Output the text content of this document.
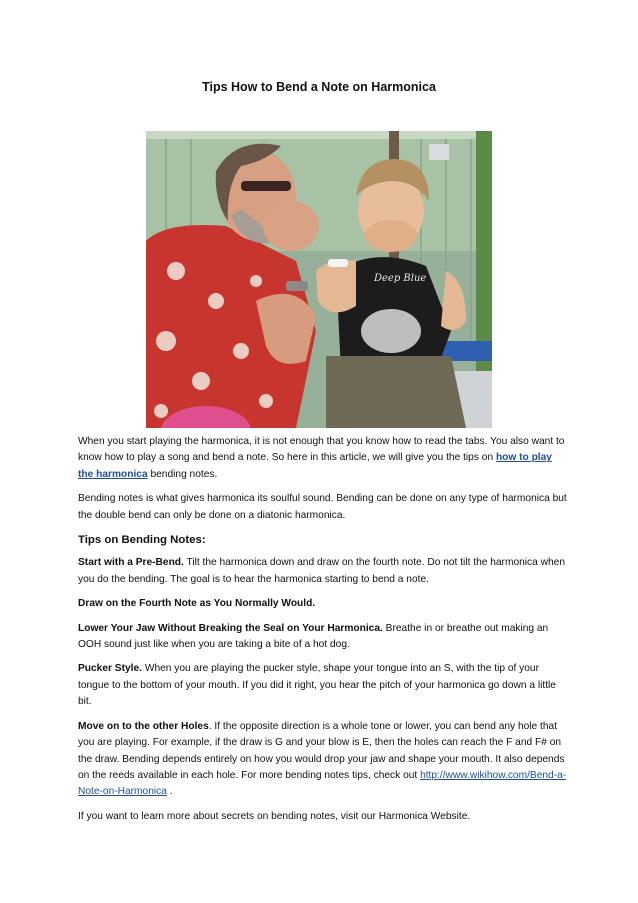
Tips How to Bend a Note on Harmonica
Deep Blue

When you start playing the harmonica, it is not enough that you know how to read the tabs. You also want to know how to play a song and bend a note. So here in this article, we will give you the tips on how to play the harmonica bending notes.

Bending notes is what gives harmonica its soulful sound. Bending can be done on any type of harmonica but the double bend can only be done on a diatonic harmonica.

Tips on Bending Notes:

Start with a Pre-Bend. Tilt the harmonica down and draw on the fourth note. Do not tilt the harmonica when you do the bending. The goal is to hear the harmonica starting to bend a note.

Draw on the Fourth Note as You Normally Would.

Lower Your Jaw Without Breaking the Seal on Your Harmonica. Breathe in or breathe out making an OOH sound just like when you are taking a bite of a hot dog.

Pucker Style. When you are playing the pucker style, shape your tongue into an S, with the tip of your tongue to the bottom of your mouth. If you did it right, you hear the pitch of your harmonica go down a little bit.

Move on to the other Holes. If the opposite direction is a whole tone or lower, you can bend any hole that you are playing. For example, if the draw is G and your blow is E, then the holes can reach the F and F# on the draw. Bending depends entirely on how you would drop your jaw and shape your mouth. It also depends on the reeds available in each hole. For more bending notes tips, check out http://www.wikihow.com/Bend-a-Note-on-Harmonica .

If you want to learn more about secrets on bending notes, visit our Harmonica Website.
